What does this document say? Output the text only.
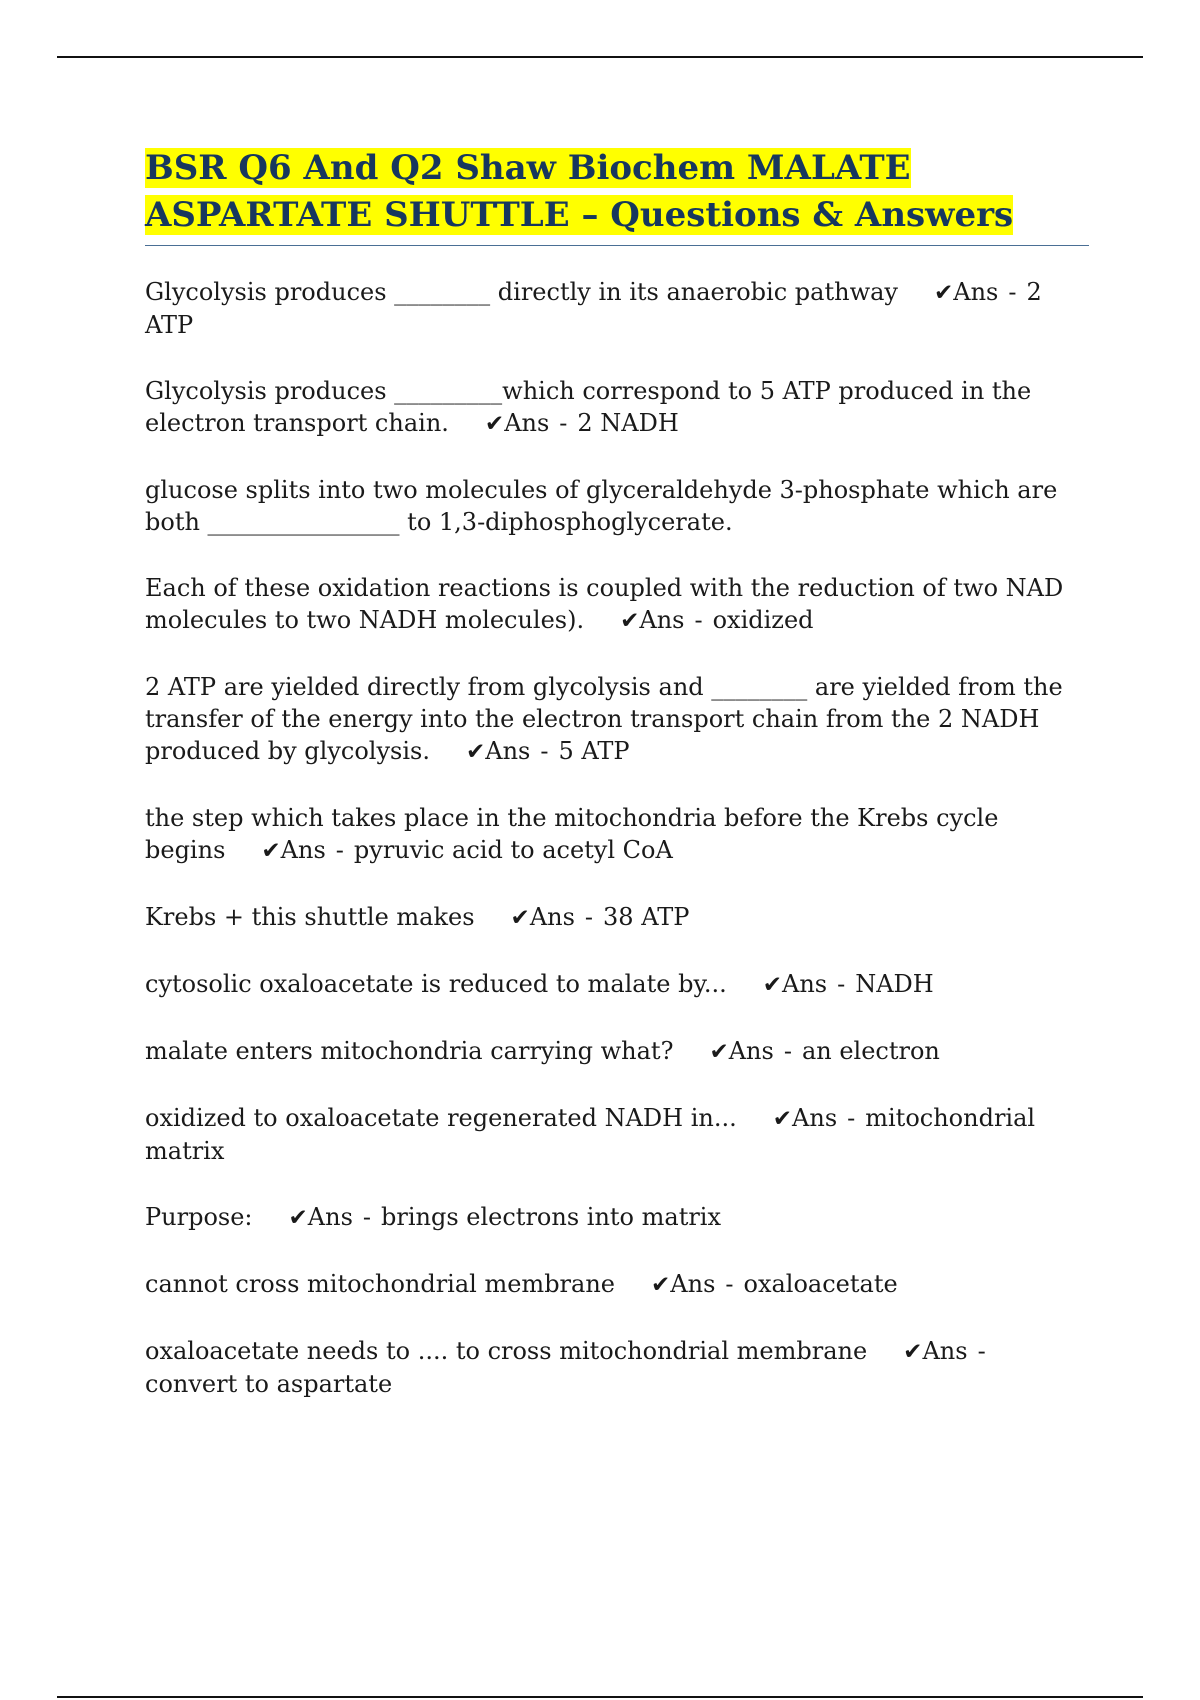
BSR Q6 And Q2 Shaw Biochem MALATE ASPARTATE SHUTTLE – Questions & Answers
Glycolysis produces ________ directly in its anaerobic pathway ✔Ans - 2 ATP
Glycolysis produces _________which correspond to 5 ATP produced in the electron transport chain. ✔Ans - 2 NADH
glucose splits into two molecules of glyceraldehyde 3-phosphate which are both ________________ to 1,3-diphosphoglycerate.
Each of these oxidation reactions is coupled with the reduction of two NAD molecules to two NADH molecules). ✔Ans - oxidized
2 ATP are yielded directly from glycolysis and ________ are yielded from the transfer of the energy into the electron transport chain from the 2 NADH produced by glycolysis. ✔Ans - 5 ATP
the step which takes place in the mitochondria before the Krebs cycle begins ✔Ans - pyruvic acid to acetyl CoA
Krebs + this shuttle makes ✔Ans - 38 ATP
cytosolic oxaloacetate is reduced to malate by... ✔Ans - NADH
malate enters mitochondria carrying what? ✔Ans - an electron
oxidized to oxaloacetate regenerated NADH in... ✔Ans - mitochondrial matrix
Purpose: ✔Ans - brings electrons into matrix
cannot cross mitochondrial membrane ✔Ans - oxaloacetate
oxaloacetate needs to .... to cross mitochondrial membrane ✔Ans -convert to aspartate
